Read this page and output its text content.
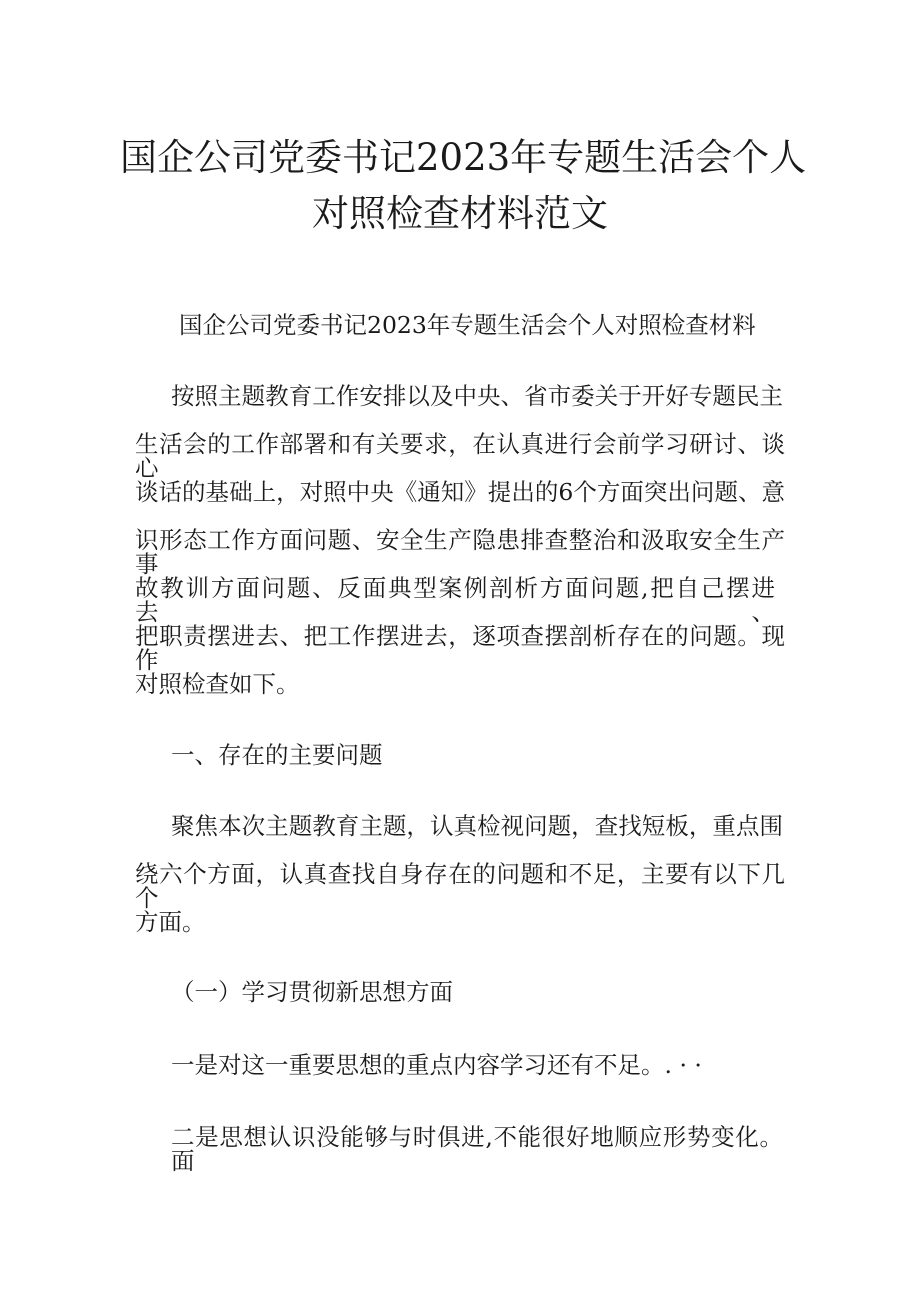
国企公司党委书记2023年专题生活会个人
对照检查材料范文

国企公司党委书记2023年专题生活会个人对照检查材料

按照主题教育工作安排以及中央、省市委关于开好专题民主
生活会的工作部署和有关要求，在认真进行会前学习研讨、谈心
谈话的基础上，对照中央《通知》提出的6个方面突出问题、意
识形态工作方面问题、安全生产隐患排查整治和汲取安全生产事
故教训方面问题、反面典型案例剖析方面问题,把自己摆进去、
把职责摆进去、把工作摆进去，逐项查摆剖析存在的问题。现作
对照检查如下。

一、存在的主要问题

聚焦本次主题教育主题，认真检视问题，查找短板，重点围
绕六个方面，认真查找自身存在的问题和不足，主要有以下几个
方面。

（一）学习贯彻新思想方面

一是对这一重要思想的重点内容学习还有不足。. · ·

二是思想认识没能够与时俱进,不能很好地顺应形势变化。面
